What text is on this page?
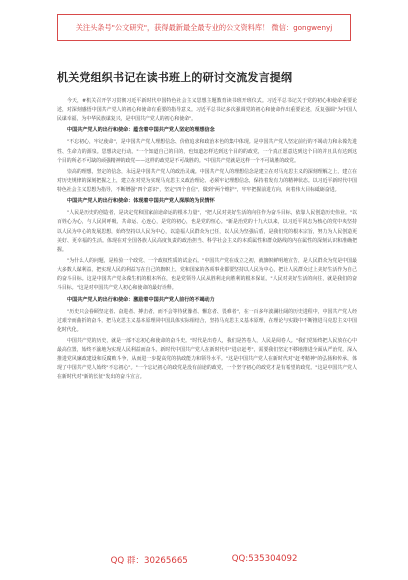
关注头条号"公文研究"，获得最新最全最专业的公文资料库！ 微信：gongwenyj
机关党组织书记在读书班上的研讨交流发言提纲

今天，#机关召开学习贯彻习近平新时代中国特色社会主义思想主题教育读书班开班仪式。习近平总书记关于党的初心和使命重要论述，对深刻感悟中国共产党人的初心和使命有重要的指导意义。习近平总书记多次强调党的初心和使命作出重要论述，反复强调"为中国人民谋幸福，为中华民族谋复兴，是中国共产党人的初心和使命"。

中国共产党人的出行和使命：蕴含着中国共产党人坚定的理想信念

"不忘初心，牢记使命"，是中国共产党人理想信念、价值追求和政治本色的集中体现。是中国共产党人坚定前行的不竭动力和永葆先进性、生命力的源泉。思想决定行动。"一个知道自己的目的，也知道怎样达到这个目的的政党，一个真正愿意达到这个目的并且具有达到这个目的所必不可缺的顽强精神的政党——这样的政党是不可战胜的。"中国共产党就是这样一个不可战胜的政党。

崇高的理想，坚定的信念，永远是中国共产党人的政治灵魂。中国共产党人的理想信念是建立在对马克思主义的深刻理解之上，建立在对历史规律的深刻把握之上，建立在对党为实现马克思主义政治理论、必须牢记理想信念，保持着发有力的精神状态。以习近平新时代中国特色社会主义思想为指导，不断增强"四个意识"，坚定"四个自信"，做到"两个维护"，牢牢把握前进方向，向着伟大目标砥砺奋进。

中国共产党人的出行和使命：体现着中国共产党人深厚的为民情怀

"人民是历史的创造者，是决定党和国家前途命运的根本力量"，"把人民对美好生活的向往作为奋斗目标，依靠人民创造历史伟业。"以百姓心为心，与人民同呼吸、共命运、心连心，是党的初心，也是党的恒心。"新是治党的十九大以来，以习近平同志为核心的党中央坚持以人民为中心的发展思想，始终坚持以人民为中心，以造福人民群众为已任，以人民为坚强后盾，是我们党的根本宗旨，努力为人民创造更美好、更幸福的生活。体现在对全国各族人民高度负责的政治担当、科学社会主义的本质属性和群众路线的内在属性的深刻认识和准确把握。

"为什么人的问题，是检验一个政党、一个政权性质的试金石。"中国共产党在成立之初，就旗帜鲜明地宣告，是人民群众为党是中国最大多数人谋利益，把实现人民的利益写在自己的旗帜上，党和国家的各项事业都要坚持以人民为中心，把让人民群众过上美好生活作为自己的奋斗目标。这是中国共产党永葆生机的根本所在，也是党领导人民从胜利走向胜利的根本保证。"人民对美好生活的向往，就是我们的奋斗目标。"这是对中国共产党人初心和使命的最好诠释。

中国共产党人的出行和使命：激励着中国共产党人前行的不竭动力

"历史只会眷顾坚定者、奋进者、搏击者，而不会等待犹豫者、懈怠者、畏难者"，在一百多年波澜壮阔的历史进程中，中国共产党人经过艰辛而曲折的奋斗，把马克思主义基本原理同中国具体实际相结合，坚持马克思主义基本原理，在理论与实践中不断推进马克思主义中国化时代化。

中国共产党的历史，就是一部不忘初心和使命的奋斗史。"时代是出卷人，我们是答卷人，人民是阅卷人。"我们党始终把人民放在心中最高位置，始终不渝地为实现人民利益而奋斗。新时代中国共产党人在新时代中"进京赶考"，需要我们坚定不移地推进全面从严治党，深入推进党风廉政建设和反腐败斗争，从而进一步提高党的执政能力和领导水平。"这是中国共产党人在新时代对"赶考精神"的弘扬和传承，体现了中国共产党人始终"不忘初心"。"一个忘记初心的政党是没有前途的政党，一个坚守初心的政党才是有希望的政党。"这是中国共产党人在新时代对"新的长征"发出的奋斗宣言。

QQ 群：30265665	QQ:535304092
